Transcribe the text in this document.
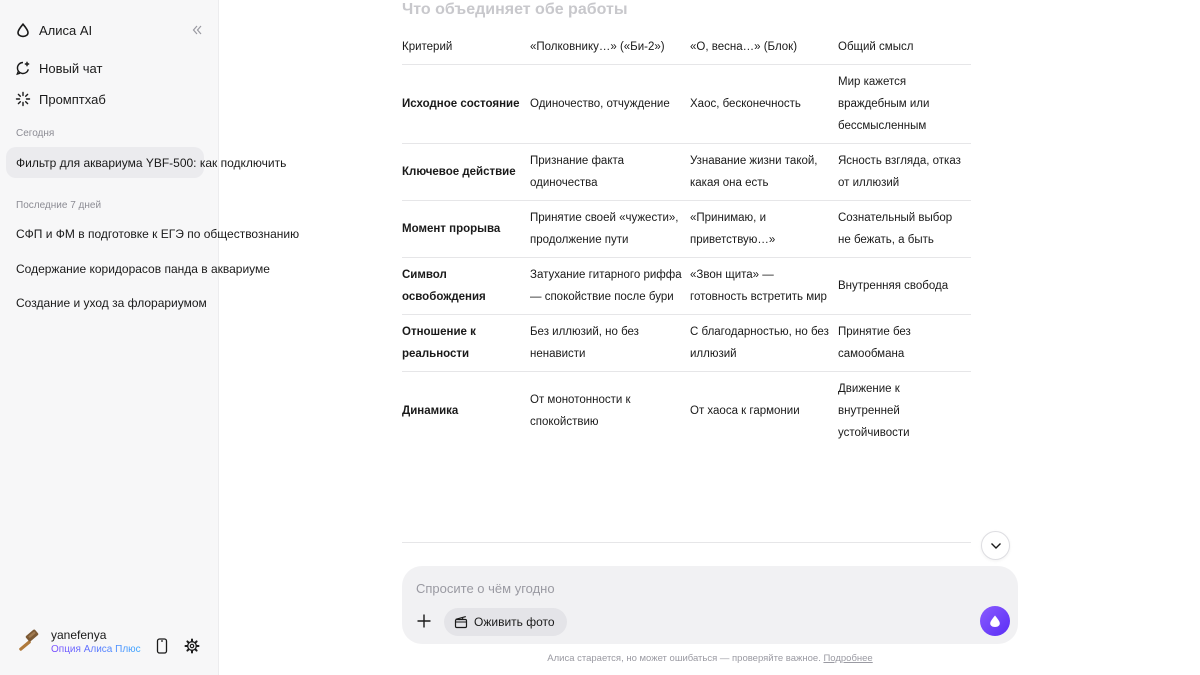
Алиса AI
Новый чат
Промптхаб
Сегодня
Фильтр для аквариума YBF-500: как подключить
Последние 7 дней
СФП и ФМ в подготовке к ЕГЭ по обществознанию
Содержание коридорасов панда в аквариуме
Создание и уход за флорариумом
yanefenya
Опция Алиса Плюс
Что объединяет обе работы
Критерий	«Полковнику…» («Би-2»)	«О, весна…» (Блок)	Общий смысл
Исходное состояние	Одиночество, отчуждение	Хаос, бесконечность	Мир кажется враждебным или бессмысленным
Ключевое действие	Признание факта одиночества	Узнавание жизни такой, какая она есть	Ясность взгляда, отказ от иллюзий
Момент прорыва	Принятие своей «чужести», продолжение пути	«Принимаю, и приветствую…»	Сознательный выбор не бежать, а быть
Символ освобождения	Затухание гитарного риффа — спокойствие после бури	«Звон щита» — готовность встретить мир	Внутренняя свобода
Отношение к реальности	Без иллюзий, но без ненависти	С благодарностью, но без иллюзий	Принятие без самообмана
Динамика	От монотонности к спокойствию	От хаоса к гармонии	Движение к внутренней устойчивости
Спросите о чём угодно
Оживить фото
Алиса старается, но может ошибаться — проверяйте важное. Подробнее
